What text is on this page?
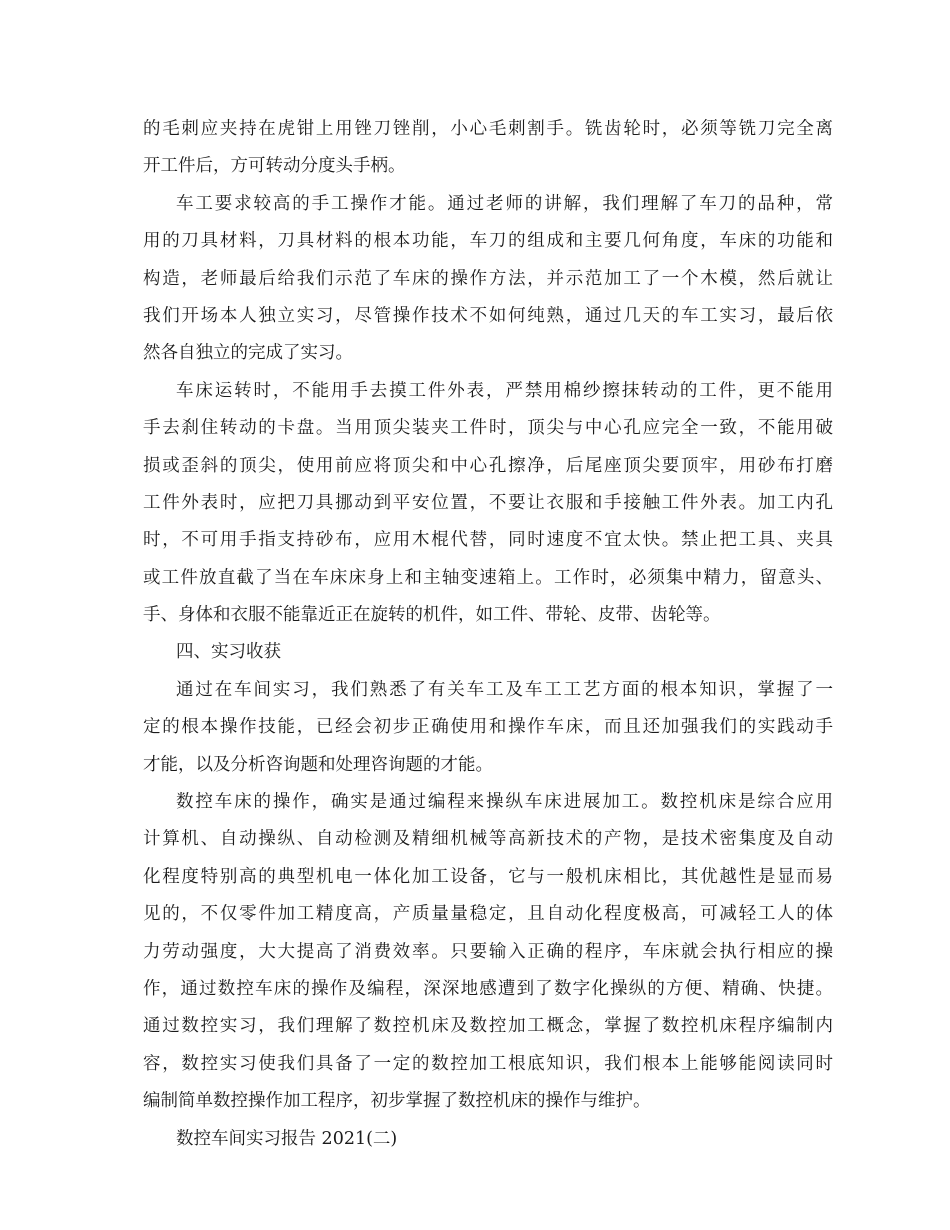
的毛刺应夹持在虎钳上用锉刀锉削，小心毛刺割手。铣齿轮时，必须等铣刀完全离
开工件后，方可转动分度头手柄。
车工要求较高的手工操作才能。通过老师的讲解，我们理解了车刀的品种，常
用的刀具材料，刀具材料的根本功能，车刀的组成和主要几何角度，车床的功能和
构造，老师最后给我们示范了车床的操作方法，并示范加工了一个木模，然后就让
我们开场本人独立实习，尽管操作技术不如何纯熟，通过几天的车工实习，最后依
然各自独立的完成了实习。
车床运转时，不能用手去摸工件外表，严禁用棉纱擦抹转动的工件，更不能用
手去刹住转动的卡盘。当用顶尖装夹工件时，顶尖与中心孔应完全一致，不能用破
损或歪斜的顶尖，使用前应将顶尖和中心孔擦净，后尾座顶尖要顶牢，用砂布打磨
工件外表时，应把刀具挪动到平安位置，不要让衣服和手接触工件外表。加工内孔
时，不可用手指支持砂布，应用木棍代替，同时速度不宜太快。禁止把工具、夹具
或工件放直截了当在车床床身上和主轴变速箱上。工作时，必须集中精力，留意头、
手、身体和衣服不能靠近正在旋转的机件，如工件、带轮、皮带、齿轮等。
四、实习收获
通过在车间实习，我们熟悉了有关车工及车工工艺方面的根本知识，掌握了一
定的根本操作技能，已经会初步正确使用和操作车床，而且还加强我们的实践动手
才能，以及分析咨询题和处理咨询题的才能。
数控车床的操作，确实是通过编程来操纵车床进展加工。数控机床是综合应用
计算机、自动操纵、自动检测及精细机械等高新技术的产物，是技术密集度及自动
化程度特别高的典型机电一体化加工设备，它与一般机床相比，其优越性是显而易
见的，不仅零件加工精度高，产质量量稳定，且自动化程度极高，可减轻工人的体
力劳动强度，大大提高了消费效率。只要输入正确的程序，车床就会执行相应的操
作，通过数控车床的操作及编程，深深地感遭到了数字化操纵的方便、精确、快捷。
通过数控实习，我们理解了数控机床及数控加工概念，掌握了数控机床程序编制内
容，数控实习使我们具备了一定的数控加工根底知识，我们根本上能够能阅读同时
编制简单数控操作加工程序，初步掌握了数控机床的操作与维护。
数控车间实习报告 2021(二)
